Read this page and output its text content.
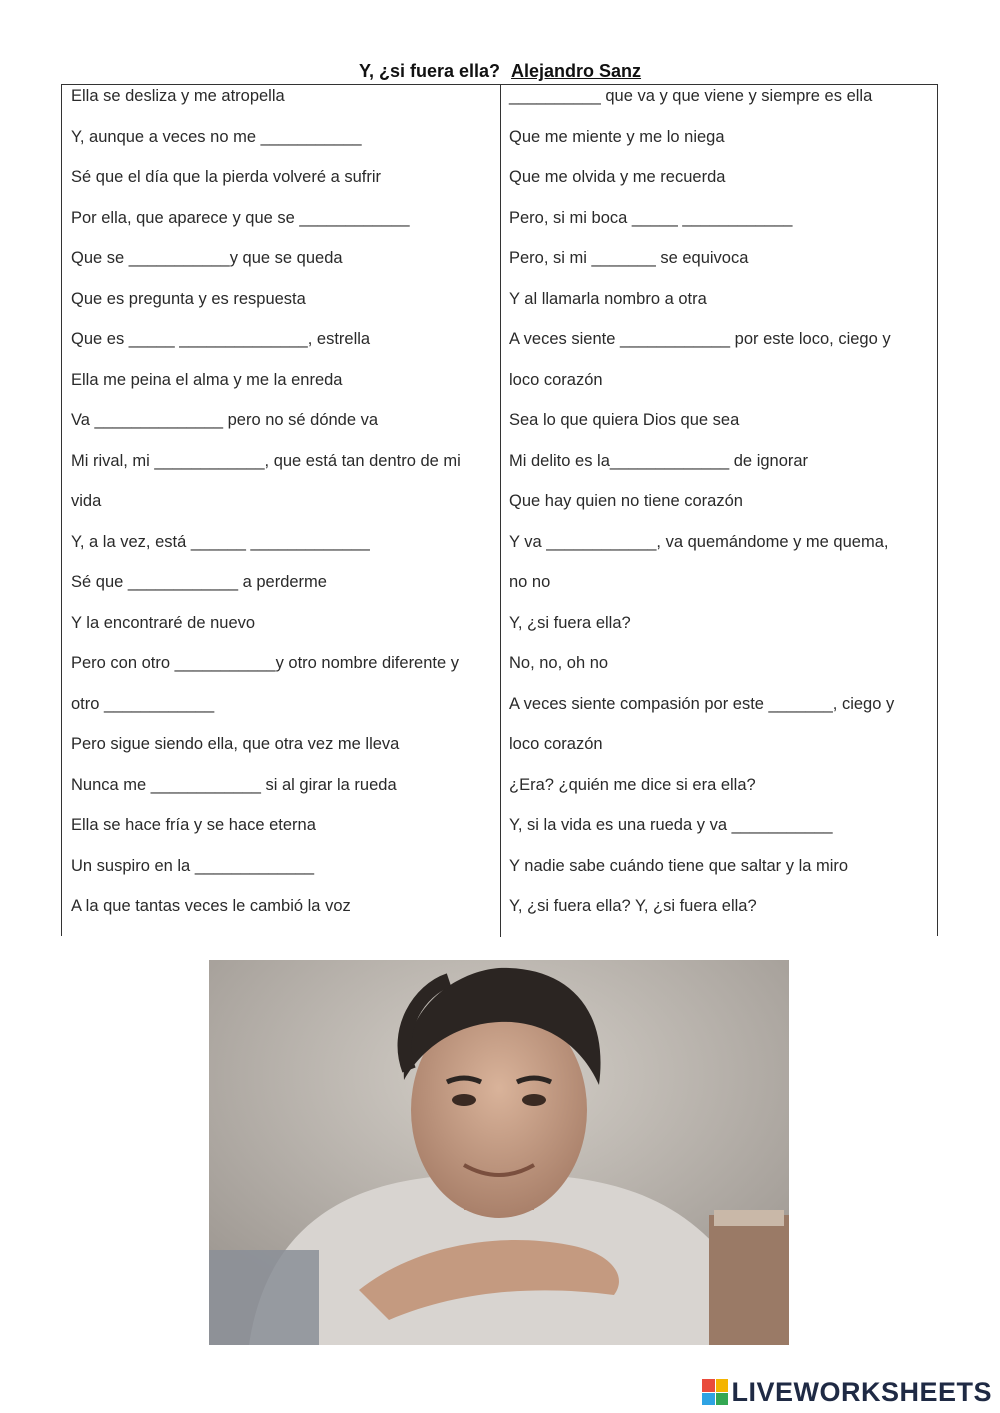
Y, ¿si fuera ella? Alejandro Sanz
Ella se desliza y me atropella
Y, aunque a veces no me ___________
Sé que el día que la pierda volveré a sufrir
Por ella, que aparece y que se ____________
Que se ___________y que se queda
Que es pregunta y es respuesta
Que es _____ ______________, estrella
Ella me peina el alma y me la enreda
Va ______________ pero no sé dónde va
Mi rival, mi ____________, que está tan dentro de mi
vida
Y, a la vez, está ______ _____________
Sé que ____________ a perderme
Y la encontraré de nuevo
Pero con otro ___________y otro nombre diferente y
otro ____________
Pero sigue siendo ella, que otra vez me lleva
Nunca me ____________ si al girar la rueda
Ella se hace fría y se hace eterna
Un suspiro en la _____________
A la que tantas veces le cambió la voz
__________ que va y que viene y siempre es ella
Que me miente y me lo niega
Que me olvida y me recuerda
Pero, si mi boca _____ ____________
Pero, si mi _______ se equivoca
Y al llamarla nombro a otra
A veces siente ____________ por este loco, ciego y
loco corazón
Sea lo que quiera Dios que sea
Mi delito es la_____________ de ignorar
Que hay quien no tiene corazón
Y va ____________, va quemándome y me quema,
no no
Y, ¿si fuera ella?
No, no, oh no
A veces siente compasión por este _______, ciego y
loco corazón
¿Era? ¿quién me dice si era ella?
Y, si la vida es una rueda y va ___________
Y nadie sabe cuándo tiene que saltar y la miro
Y, ¿si fuera ella? Y, ¿si fuera ella?
LIVEWORKSHEETS
